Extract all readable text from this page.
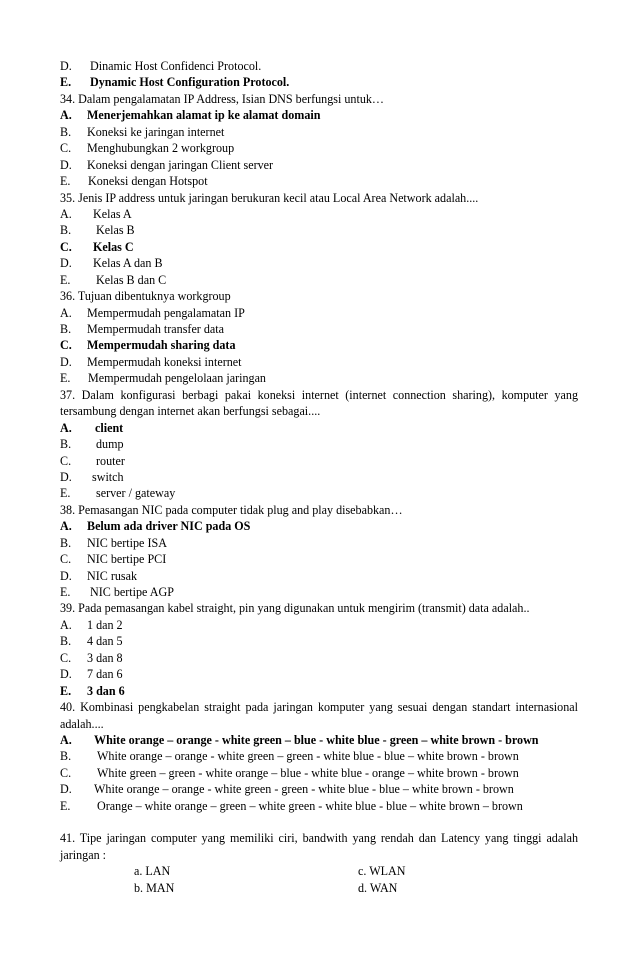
D. Dinamic Host Confidenci Protocol.
E. Dynamic Host Configuration Protocol.
34. Dalam pengalamatan IP Address, Isian DNS berfungsi untuk…
A. Menerjemahkan alamat ip ke alamat domain
B. Koneksi ke jaringan internet
C. Menghubungkan 2 workgroup
D. Koneksi dengan jaringan Client server
E. Koneksi dengan Hotspot
35. Jenis IP address untuk jaringan berukuran kecil atau Local Area Network adalah....
A. Kelas A
B. Kelas B
C. Kelas C
D. Kelas A dan B
E. Kelas B dan C
36. Tujuan dibentuknya workgroup
A. Mempermudah pengalamatan IP
B. Mempermudah transfer data
C. Mempermudah sharing data
D. Mempermudah koneksi internet
E. Mempermudah pengelolaan jaringan
37. Dalam konfigurasi berbagi pakai koneksi internet (internet connection sharing), komputer yang tersambung dengan internet akan berfungsi sebagai....
A. client
B. dump
C. router
D. switch
E. server / gateway
38. Pemasangan NIC pada computer tidak plug and play disebabkan…
A. Belum ada driver NIC pada OS
B. NIC bertipe ISA
C. NIC bertipe PCI
D. NIC rusak
E. NIC bertipe AGP
39. Pada pemasangan kabel straight, pin yang digunakan untuk mengirim (transmit) data adalah..
A. 1 dan 2
B. 4 dan 5
C. 3 dan 8
D. 7 dan 6
E. 3 dan 6
40. Kombinasi pengkabelan straight pada jaringan komputer yang sesuai dengan standart internasional adalah....
A. White orange – orange - white green – blue - white blue - green – white brown - brown
B. White orange – orange - white green – green - white blue - blue – white brown - brown
C. White green – green - white orange – blue - white blue - orange – white brown - brown
D. White orange – orange - white green - green - white blue - blue – white brown - brown
E. Orange – white orange – green – white green - white blue - blue – white brown – brown
41. Tipe jaringan computer yang memiliki ciri, bandwith yang rendah dan Latency yang tinggi adalah jaringan :
a. LAN	c. WLAN
b. MAN	d. WAN
